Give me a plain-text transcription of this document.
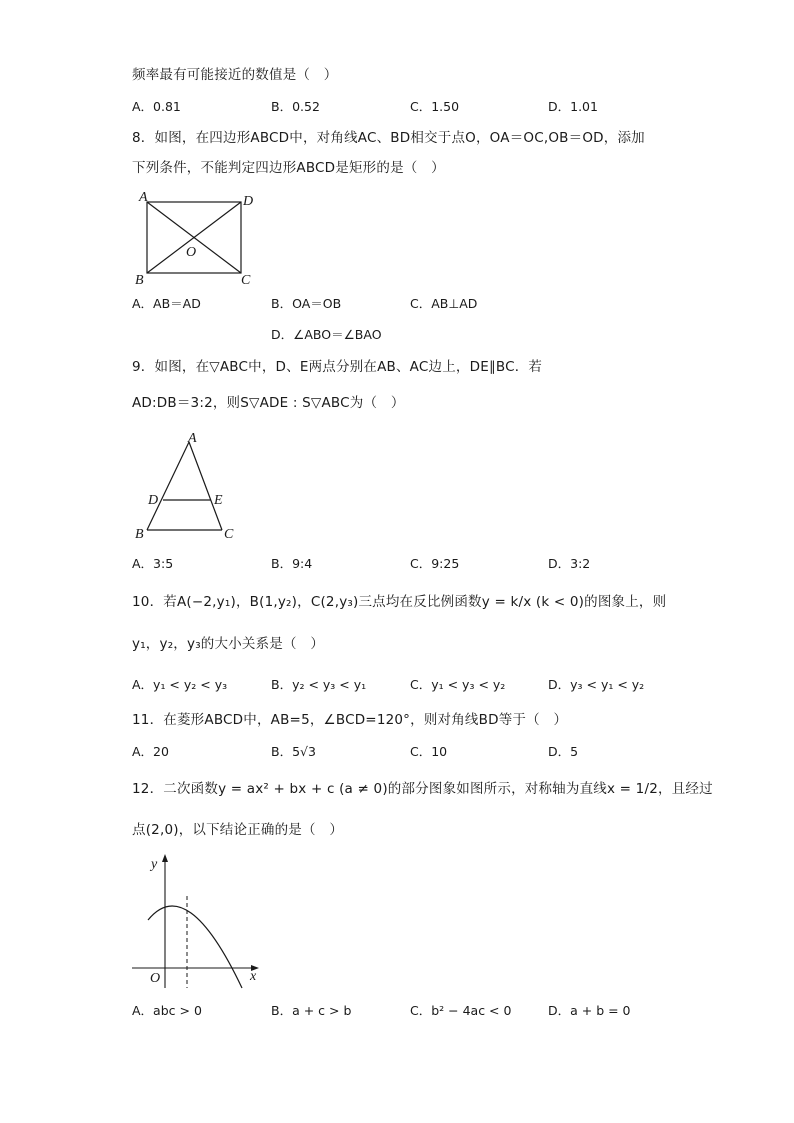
频率最有可能接近的数值是（　）
A．0.81	B．0.52	C．1.50	D．1.01
8．如图，在四边形ABCD中，对角线AC、BD相交于点O，OA＝OC,OB＝OD，添加
下列条件，不能判定四边形ABCD是矩形的是（　）
A	D
O
B	C
A．AB＝AD	B．OA＝OB	C．AB⊥AD
D．∠ABO＝∠BAO
9．如图，在▽ABC中，D、E两点分别在AB、AC边上，DE∥BC．若
AD:DB＝3:2，则S▽ADE : S▽ABC为（　）
A
D	E
B	C
A．3:5	B．9:4	C．9:25	D．3:2
10．若A(−2,y₁)，B(1,y₂)，C(2,y₃)三点均在反比例函数y = k/x (k < 0)的图象上，则
y₁，y₂，y₃的大小关系是（　）
A．y₁ < y₂ < y₃	B．y₂ < y₃ < y₁	C．y₁ < y₃ < y₂	D．y₃ < y₁ < y₂
11．在菱形ABCD中，AB=5，∠BCD=120°，则对角线BD等于（　）
A．20	B．5√3	C．10	D．5
12．二次函数y = ax² + bx + c (a ≠ 0)的部分图象如图所示，对称轴为直线x = 1/2，且经过
点(2,0)，以下结论正确的是（　）
y
O	x
A．abc > 0	B．a + c > b	C．b² − 4ac < 0	D．a + b = 0
